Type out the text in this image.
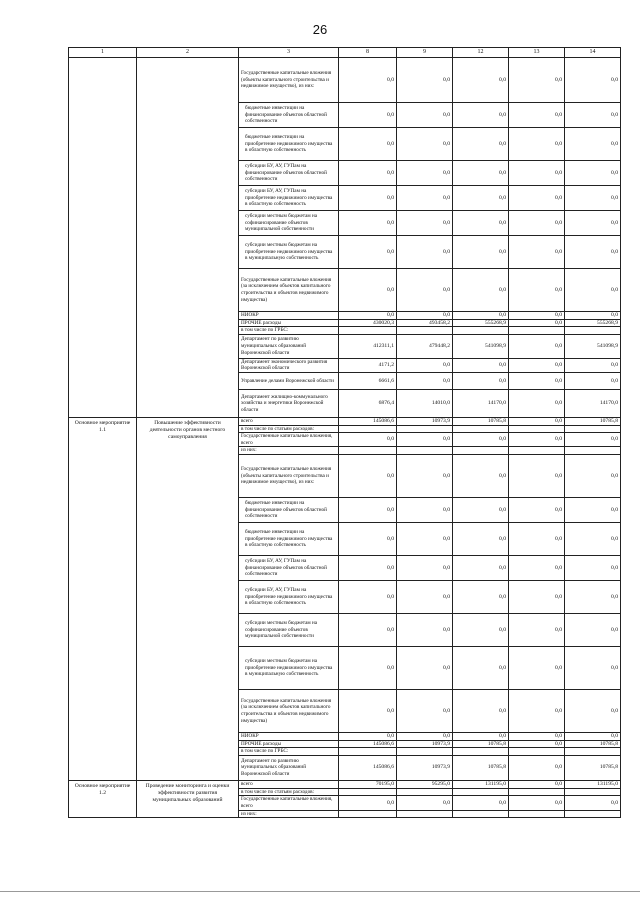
26
1	2	3	8	9	12	13	14
		Государственные капитальные вложения (объекты капитального строительства и недвижимое имущество), из них:	0,0	0,0	0,0	0,0	0,0
		бюджетные инвестиции на финансирование объектов областной собственности	0,0	0,0	0,0	0,0	0,0
		бюджетные инвестиции на приобретение недвижимого имущества в областную собственность	0,0	0,0	0,0	0,0	0,0
		субсидии БУ, АУ, ГУПам на финансирование объектов областной собственности	0,0	0,0	0,0	0,0	0,0
		субсидии БУ, АУ, ГУПам на приобретение недвижимого имущества в областную собственность	0,0	0,0	0,0	0,0	0,0
		субсидии местным бюджетам на софинансирование объектов муниципальной собственности	0,0	0,0	0,0	0,0	0,0
		субсидии местным бюджетам на приобретение недвижимого имущества в муниципальную собственность	0,0	0,0	0,0	0,0	0,0
		Государственные капитальные вложения (за исключением объектов капитального строительства и объектов недвижимого имущества)	0,0	0,0	0,0	0,0	0,0
		НИОКР	0,0	0,0	0,0	0,0	0,0
		ПРОЧИЕ расходы	430020,3	493458,2	555268,9	0,0	555268,9
		в том числе по ГРБС:					
		Департамент по развитию муниципальных образований Воронежской области	412311,1	479448,2	541098,9	0,0	541098,9
		Департамент экономического развития Воронежской области	4171,2	0,0	0,0	0,0	0,0
		Управление делами Воронежской области	6661,6	0,0	0,0	0,0	0,0
		Департамент жилищно-коммунального хозяйства и энергетики Воронежской области	6876,4	14010,0	14170,0	0,0	14170,0
Основное мероприятие 1.1	Повышение эффективности деятельности органов местного самоуправления	всего	145086,6	10973,9	10785,8	0,0	10785,8
		в том числе по статьям расходов:					
		Государственные капитальные вложения, всего	0,0	0,0	0,0	0,0	0,0
		из них:					
		Государственные капитальные вложения (объекты капитального строительства и недвижимое имущество), из них:	0,0	0,0	0,0	0,0	0,0
		бюджетные инвестиции на финансирование объектов областной собственности	0,0	0,0	0,0	0,0	0,0
		бюджетные инвестиции на приобретение недвижимого имущества в областную собственность	0,0	0,0	0,0	0,0	0,0
		субсидии БУ, АУ, ГУПам на финансирование объектов областной собственности	0,0	0,0	0,0	0,0	0,0
		субсидии БУ, АУ, ГУПам на приобретение недвижимого имущества в областную собственность	0,0	0,0	0,0	0,0	0,0
		субсидии местным бюджетам на софинансирование объектов муниципальной собственности	0,0	0,0	0,0	0,0	0,0
		субсидии местным бюджетам на приобретение недвижимого имущества в муниципальную собственность	0,0	0,0	0,0	0,0	0,0
		Государственные капитальные вложения (за исключением объектов капитального строительства и объектов недвижимого имущества)	0,0	0,0	0,0	0,0	0,0
		НИОКР	0,0	0,0	0,0	0,0	0,0
		ПРОЧИЕ расходы	145086,6	10973,9	10785,8	0,0	10785,8
		в том числе по ГРБС:					
		Департамент по развитию муниципальных образований Воронежской области	145086,6	10973,9	10785,8	0,0	10785,8
Основное мероприятие 1.2	Проведение мониторинга и оценки эффективности развития муниципальных образований	всего	70195,0	95295,0	131195,0	0,0	131195,0
		в том числе по статьям расходов:					
		Государственные капитальные вложения, всего	0,0	0,0	0,0	0,0	0,0
		из них:					
